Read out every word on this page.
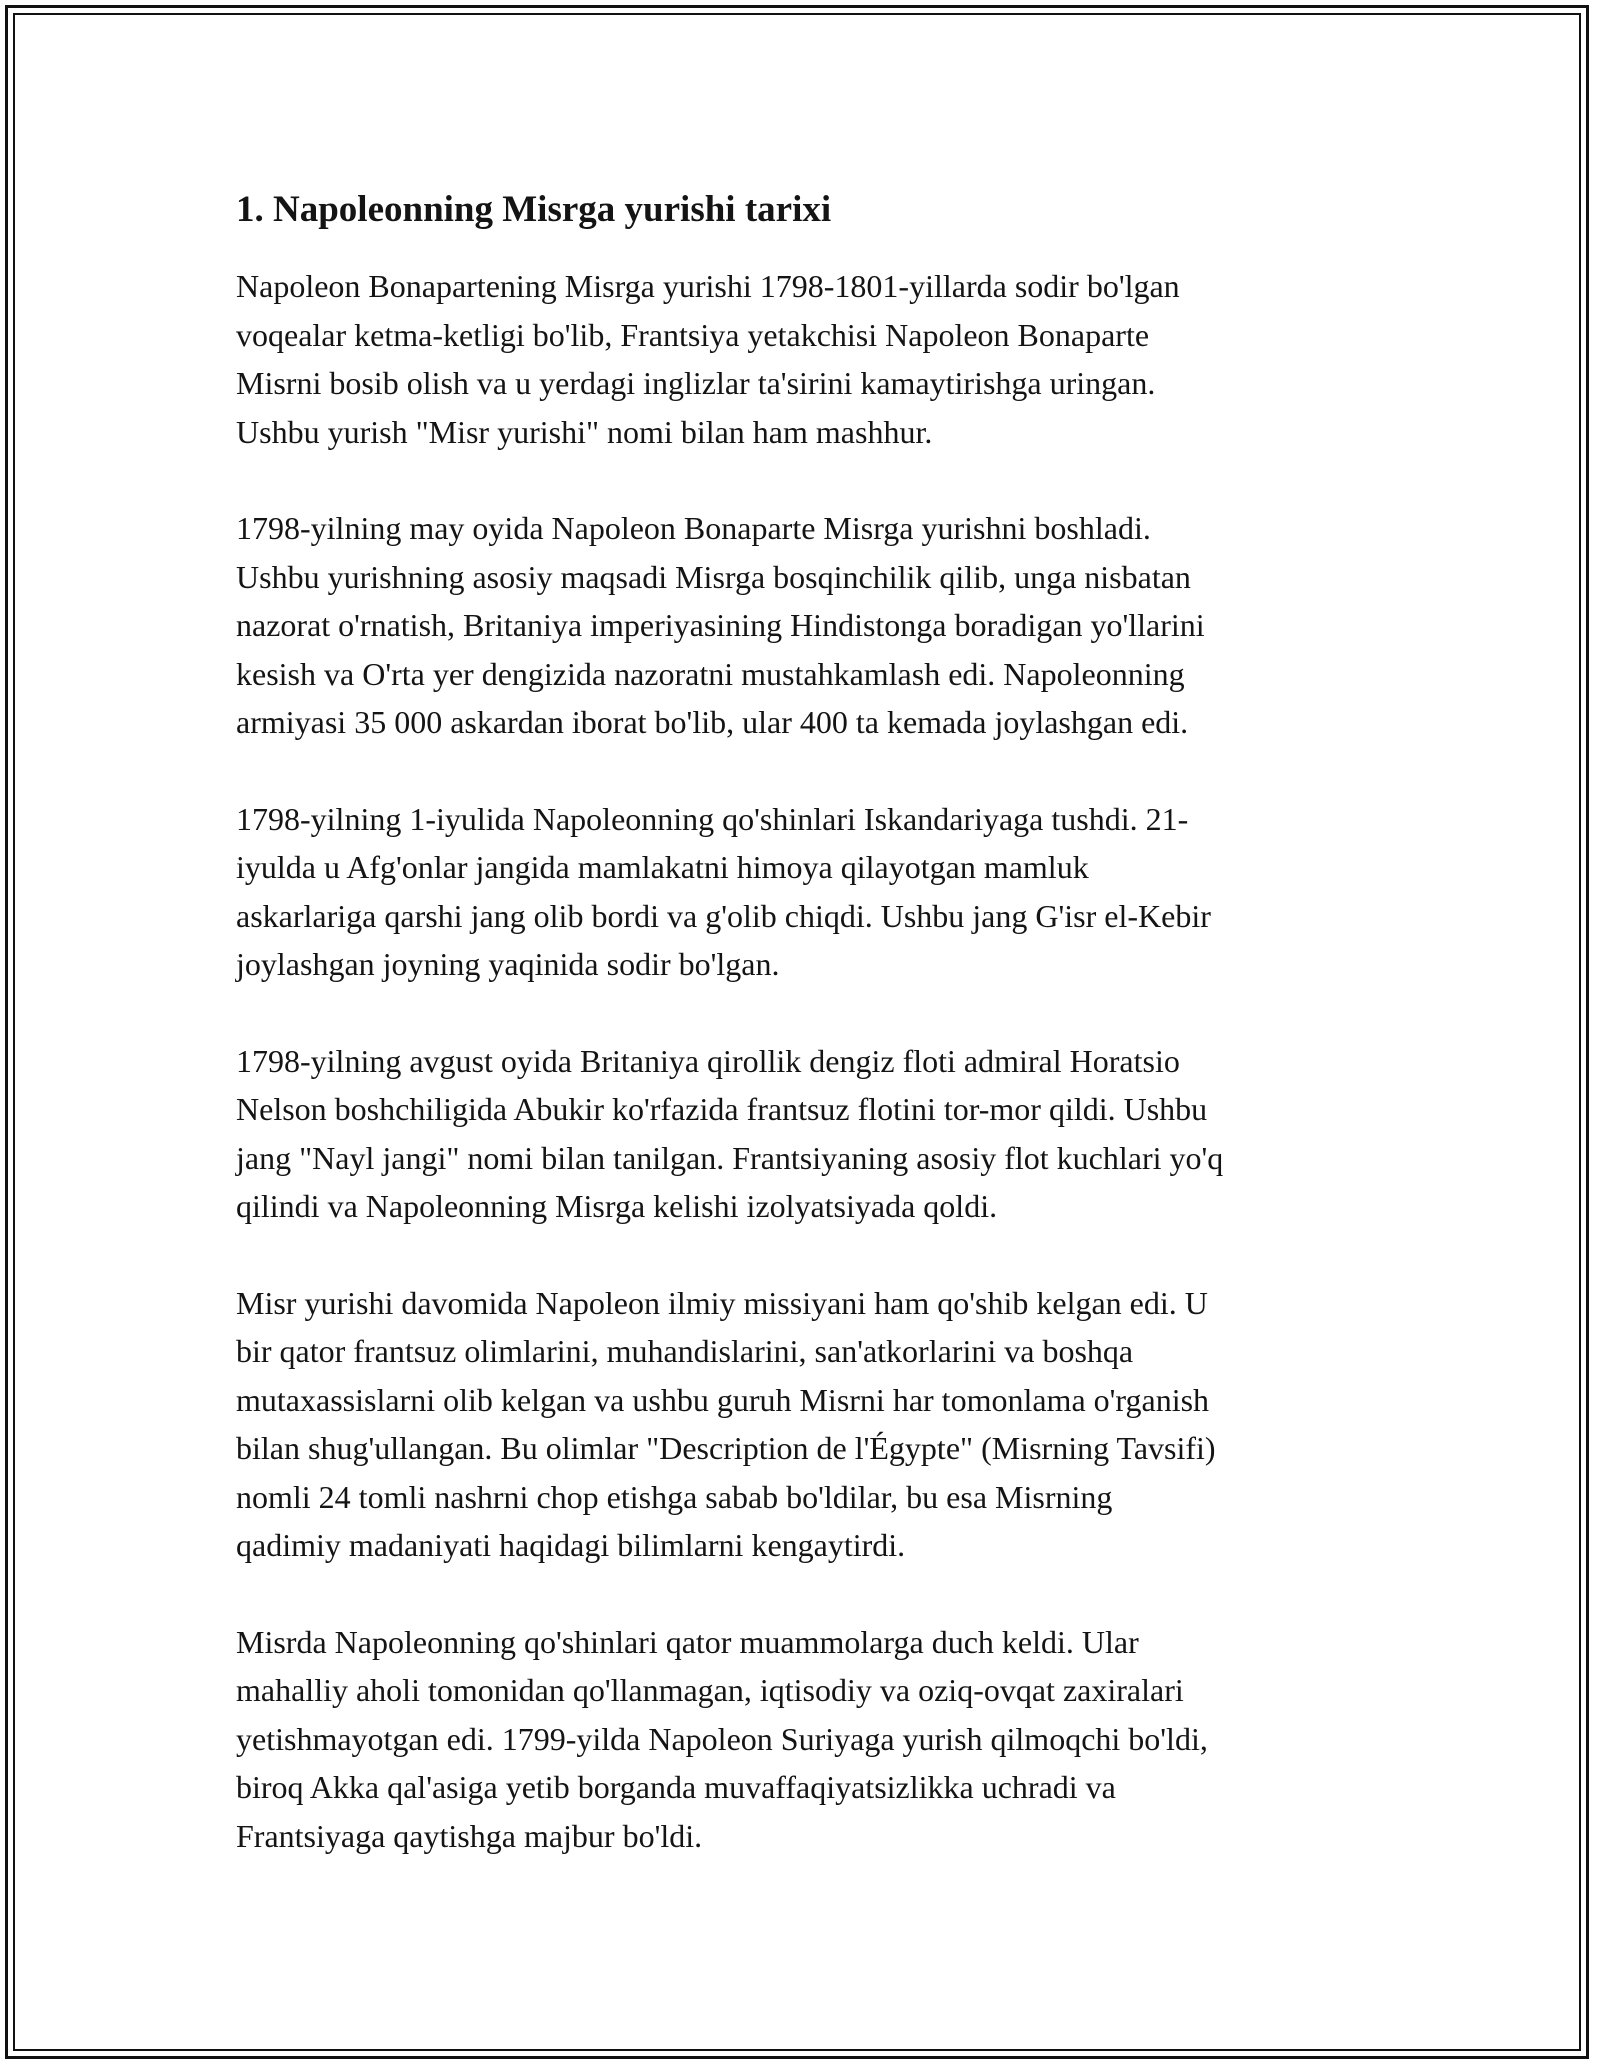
1. Napoleonning Misrga yurishi tarixi

Napoleon Bonapartening Misrga yurishi 1798-1801-yillarda sodir bo'lgan
voqealar ketma-ketligi bo'lib, Frantsiya yetakchisi Napoleon Bonaparte
Misrni bosib olish va u yerdagi inglizlar ta'sirini kamaytirishga uringan.
Ushbu yurish "Misr yurishi" nomi bilan ham mashhur.

1798-yilning may oyida Napoleon Bonaparte Misrga yurishni boshladi.
Ushbu yurishning asosiy maqsadi Misrga bosqinchilik qilib, unga nisbatan
nazorat o'rnatish, Britaniya imperiyasining Hindistonga boradigan yo'llarini
kesish va O'rta yer dengizida nazoratni mustahkamlash edi. Napoleonning
armiyasi 35 000 askardan iborat bo'lib, ular 400 ta kemada joylashgan edi.

1798-yilning 1-iyulida Napoleonning qo'shinlari Iskandariyaga tushdi. 21-
iyulda u Afg'onlar jangida mamlakatni himoya qilayotgan mamluk
askarlariga qarshi jang olib bordi va g'olib chiqdi. Ushbu jang G'isr el-Kebir
joylashgan joyning yaqinida sodir bo'lgan.

1798-yilning avgust oyida Britaniya qirollik dengiz floti admiral Horatsio
Nelson boshchiligida Abukir ko'rfazida frantsuz flotini tor-mor qildi. Ushbu
jang "Nayl jangi" nomi bilan tanilgan. Frantsiyaning asosiy flot kuchlari yo'q
qilindi va Napoleonning Misrga kelishi izolyatsiyada qoldi.

Misr yurishi davomida Napoleon ilmiy missiyani ham qo'shib kelgan edi. U
bir qator frantsuz olimlarini, muhandislarini, san'atkorlarini va boshqa
mutaxassislarni olib kelgan va ushbu guruh Misrni har tomonlama o'rganish
bilan shug'ullangan. Bu olimlar "Description de l'Égypte" (Misrning Tavsifi)
nomli 24 tomli nashrni chop etishga sabab bo'ldilar, bu esa Misrning
qadimiy madaniyati haqidagi bilimlarni kengaytirdi.

Misrda Napoleonning qo'shinlari qator muammolarga duch keldi. Ular
mahalliy aholi tomonidan qo'llanmagan, iqtisodiy va oziq-ovqat zaxiralari
yetishmayotgan edi. 1799-yilda Napoleon Suriyaga yurish qilmoqchi bo'ldi,
biroq Akka qal'asiga yetib borganda muvaffaqiyatsizlikka uchradi va
Frantsiyaga qaytishga majbur bo'ldi.
